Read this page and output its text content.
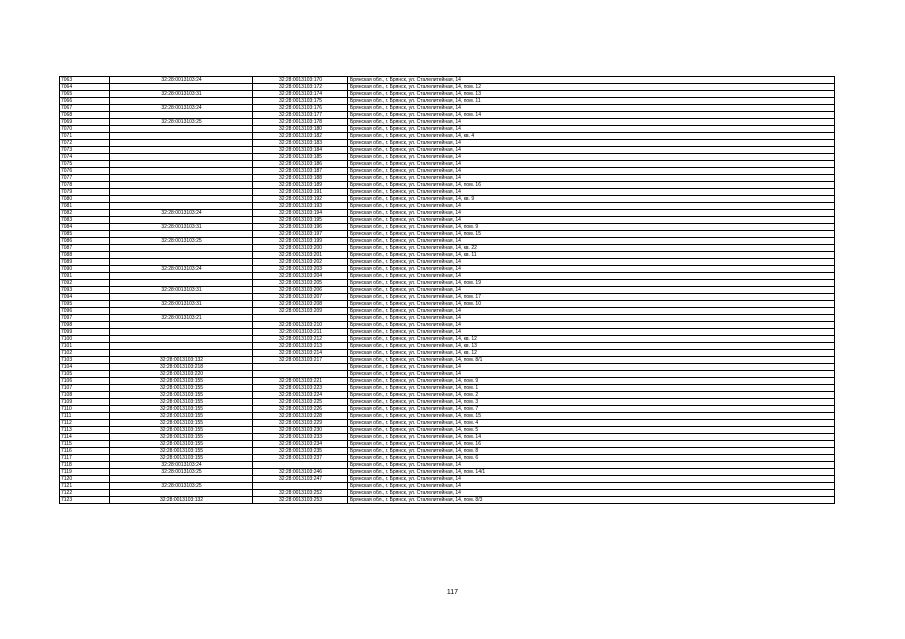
7063	32:28:0013103:24	32:28:0013103:170	Брянская обл., г. Брянск, ул. Сталелитейная, 14
7064		32:28:0013103:172	Брянская обл., г. Брянск, ул. Сталелитейная, 14, пом. 12
7065	32:28:0013103:31	32:28:0013103:174	Брянская обл., г. Брянск, ул. Сталелитейная, 14, пом. 13
7066		32:28:0013103:175	Брянская обл., г. Брянск, ул. Сталелитейная, 14, пом. 11
7067	32:28:0013103:24	32:28:0013103:176	Брянская обл., г. Брянск, ул. Сталелитейная, 14
7068		32:28:0013103:177	Брянская обл., г. Брянск, ул. Сталелитейная, 14, пом. 14
7069	32:28:0013103:25	32:28:0013103:178	Брянская обл., г. Брянск, ул. Сталелитейная, 14
7070		32:28:0013103:180	Брянская обл., г. Брянск, ул. Сталелитейная, 14
7071		32:28:0013103:182	Брянская обл., г. Брянск, ул. Сталелитейная, 14, кв. 4
7072		32:28:0013103:183	Брянская обл., г. Брянск, ул. Сталелитейная, 14
7073		32:28:0013103:184	Брянская обл., г. Брянск, ул. Сталелитейная, 14
7074		32:28:0013103:185	Брянская обл., г. Брянск, ул. Сталелитейная, 14
7075		32:28:0013103:186	Брянская обл., г. Брянск, ул. Сталелитейная, 14
7076		32:28:0013103:187	Брянская обл., г. Брянск, ул. Сталелитейная, 14
7077		32:28:0013103:188	Брянская обл., г. Брянск, ул. Сталелитейная, 14
7078		32:28:0013103:189	Брянская обл., г. Брянск, ул. Сталелитейная, 14, пом. 16
7079		32:28:0013103:191	Брянская обл., г. Брянск, ул. Сталелитейная, 14
7080		32:28:0013103:192	Брянская обл., г. Брянск, ул. Сталелитейная, 14, кв. 9
7081		32:28:0013103:193	Брянская обл., г. Брянск, ул. Сталелитейная, 14
7082	32:28:0013103:24	32:28:0013103:194	Брянская обл., г. Брянск, ул. Сталелитейная, 14
7083		32:28:0013103:195	Брянская обл., г. Брянск, ул. Сталелитейная, 14
7084	32:28:0013103:31	32:28:0013103:196	Брянская обл., г. Брянск, ул. Сталелитейная, 14, пом. 9
7085		32:28:0013103:197	Брянская обл., г. Брянск, ул. Сталелитейная, 14, пом. 15
7086	32:28:0013103:25	32:28:0013103:199	Брянская обл., г. Брянск, ул. Сталелитейная, 14
7087		32:28:0013103:200	Брянская обл., г. Брянск, ул. Сталелитейная, 14, кв. 22
7088		32:28:0013103:201	Брянская обл., г. Брянск, ул. Сталелитейная, 14, кв. 11
7089		32:28:0013103:202	Брянская обл., г. Брянск, ул. Сталелитейная, 14
7090	32:28:0013103:24	32:28:0013103:203	Брянская обл., г. Брянск, ул. Сталелитейная, 14
7091		32:28:0013103:204	Брянская обл., г. Брянск, ул. Сталелитейная, 14
7092		32:28:0013103:205	Брянская обл., г. Брянск, ул. Сталелитейная, 14, пом. 19
7093	32:28:0013103:31	32:28:0013103:206	Брянская обл., г. Брянск, ул. Сталелитейная, 14
7094		32:28:0013103:207	Брянская обл., г. Брянск, ул. Сталелитейная, 14, пом. 17
7095	32:28:0013103:31	32:28:0013103:208	Брянская обл., г. Брянск, ул. Сталелитейная, 14, пом. 10
7096		32:28:0013103:209	Брянская обл., г. Брянск, ул. Сталелитейная, 14
7097	32:28:0013103:21		Брянская обл., г. Брянск, ул. Сталелитейная, 14
7098		32:28:0013103:210	Брянская обл., г. Брянск, ул. Сталелитейная, 14
7099		32:28:0013103:211	Брянская обл., г. Брянск, ул. Сталелитейная, 14
7100		32:28:0013103:212	Брянская обл., г. Брянск, ул. Сталелитейная, 14, кв. 12
7101		32:28:0013103:213	Брянская обл., г. Брянск, ул. Сталелитейная, 14, кв. 13
7102		32:28:0013103:214	Брянская обл., г. Брянск, ул. Сталелитейная, 14, кв. 12
7103	32:28:0013103:132	32:28:0013103:217	Брянская обл., г. Брянск, ул. Сталелитейная, 14, пом. 8/1
7104	32:28:0013103:218		Брянская обл., г. Брянск, ул. Сталелитейная, 14
7105	32:28:0013103:220		Брянская обл., г. Брянск, ул. Сталелитейная, 14
7106	32:28:0013103:155	32:28:0013103:221	Брянская обл., г. Брянск, ул. Сталелитейная, 14, пом. 9
7107	32:28:0013103:155	32:28:0013103:223	Брянская обл., г. Брянск, ул. Сталелитейная, 14, пом. 1
7108	32:28:0013103:155	32:28:0013103:224	Брянская обл., г. Брянск, ул. Сталелитейная, 14, пом. 2
7109	32:28:0013103:155	32:28:0013103:225	Брянская обл., г. Брянск, ул. Сталелитейная, 14, пом. 3
7110	32:28:0013103:155	32:28:0013103:226	Брянская обл., г. Брянск, ул. Сталелитейная, 14, пом. 7
7111	32:28:0013103:155	32:28:0013103:228	Брянская обл., г. Брянск, ул. Сталелитейная, 14, пом. 15
7112	32:28:0013103:155	32:28:0013103:229	Брянская обл., г. Брянск, ул. Сталелитейная, 14, пом. 4
7113	32:28:0013103:155	32:28:0013103:230	Брянская обл., г. Брянск, ул. Сталелитейная, 14, пом. 5
7114	32:28:0013103:155	32:28:0013103:233	Брянская обл., г. Брянск, ул. Сталелитейная, 14, пом. 14
7115	32:28:0013103:155	32:28:0013103:234	Брянская обл., г. Брянск, ул. Сталелитейная, 14, пом. 16
7116	32:28:0013103:155	32:28:0013103:235	Брянская обл., г. Брянск, ул. Сталелитейная, 14, пом. 8
7117	32:28:0013103:155	32:28:0013103:237	Брянская обл., г. Брянск, ул. Сталелитейная, 14, пом. 6
7118	32:28:0013103:24		Брянская обл., г. Брянск, ул. Сталелитейная, 14
7119	32:28:0013103:25	32:28:0013103:246	Брянская обл., г. Брянск, ул. Сталелитейная, 14, пом. 14/1
7120		32:28:0013103:247	Брянская обл., г. Брянск, ул. Сталелитейная, 14
7121	32:28:0013103:25		Брянская обл., г. Брянск, ул. Сталелитейная, 14
7122		32:28:0013103:252	Брянская обл., г. Брянск, ул. Сталелитейная, 14
7123	32:28:0013103:132	32:28:0013103:253	Брянская обл., г. Брянск, ул. Сталелитейная, 14, пом. 8/3
117
